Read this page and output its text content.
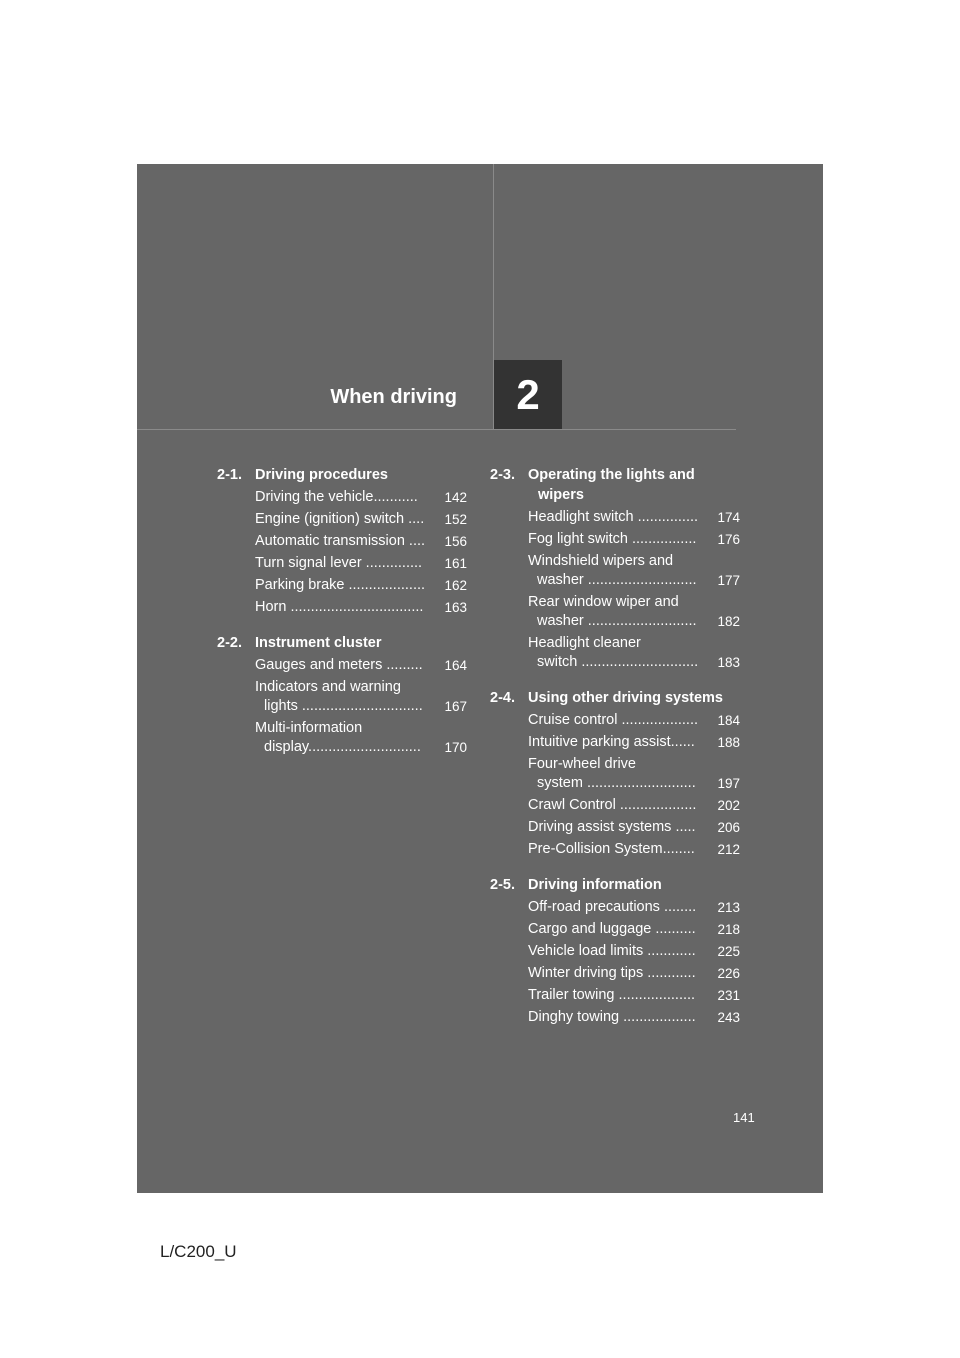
When driving 2
2-1. Driving procedures
Driving the vehicle...........	142
Engine (ignition) switch ....	152
Automatic transmission ....	156
Turn signal lever ..............	161
Parking brake ...................	162
Horn .................................	163
2-2. Instrument cluster
Gauges and meters .........	164
Indicators and warning
lights ..............................	167
Multi-information
display............................	170
2-3. Operating the lights and
wipers
Headlight switch ...............	174
Fog light switch ................	176
Windshield wipers and
washer ...........................	177
Rear window wiper and
washer ...........................	182
Headlight cleaner
switch .............................	183
2-4. Using other driving systems
Cruise control ...................	184
Intuitive parking assist......	188
Four-wheel drive
system ...........................	197
Crawl Control ...................	202
Driving assist systems .....	206
Pre-Collision System........	212
2-5. Driving information
Off-road precautions ........	213
Cargo and luggage ..........	218
Vehicle load limits ............	225
Winter driving tips ............	226
Trailer towing ...................	231
Dinghy towing ..................	243
141
L/C200_U
